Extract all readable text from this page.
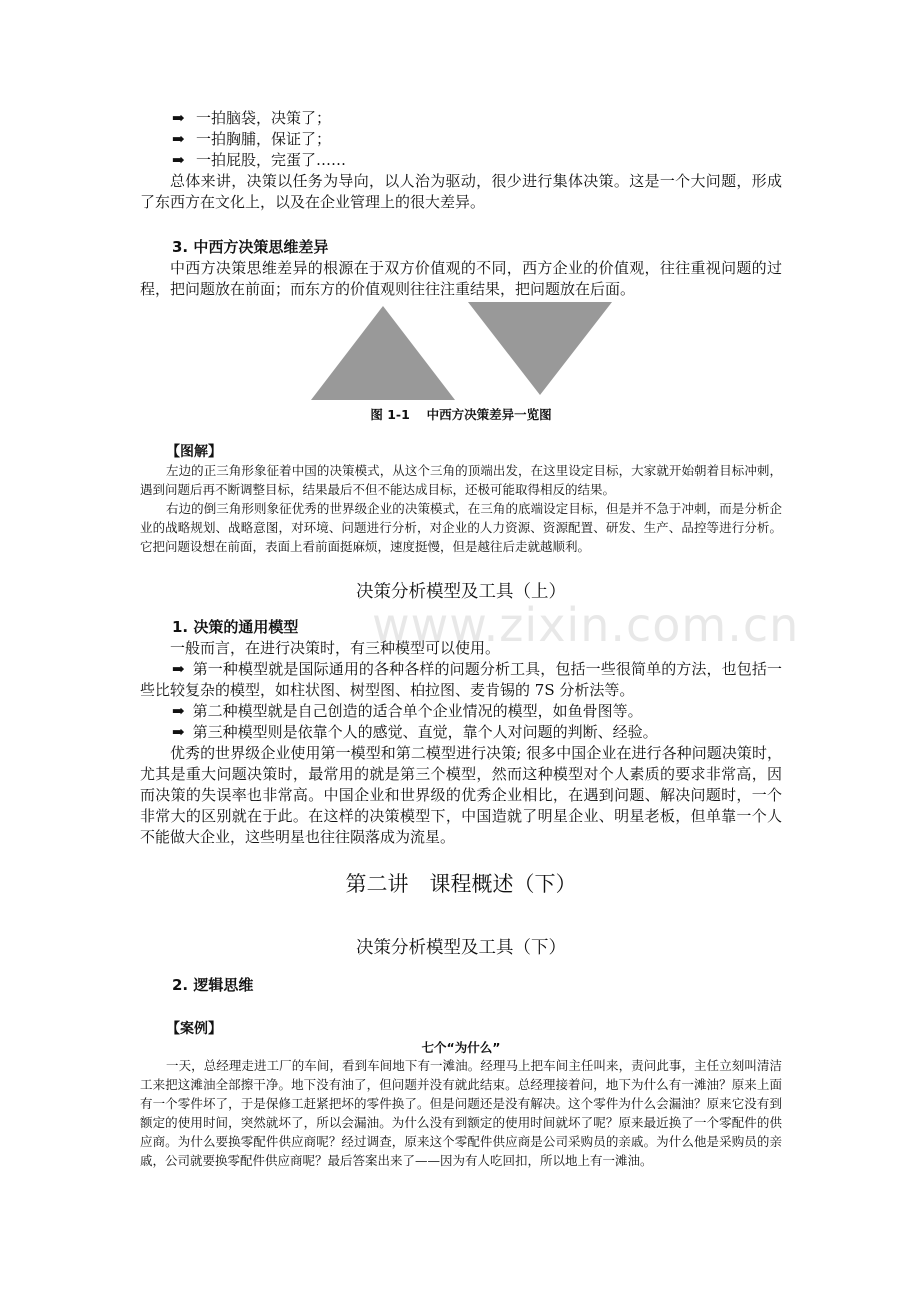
www.zixin.com.cn
➡ 一拍脑袋，决策了；
➡ 一拍胸脯，保证了；
➡ 一拍屁股，完蛋了……

总体来讲，决策以任务为导向，以人治为驱动，很少进行集体决策。这是一个大问题，形成了东西方在文化上，以及在企业管理上的很大差异。

3. 中西方决策思维差异

中西方决策思维差异的根源在于双方价值观的不同，西方企业的价值观，往往重视问题的过程，把问题放在前面；而东方的价值观则往往注重结果，把问题放在后面。

图 1-1　 中西方决策差异一览图

【图解】

左边的正三角形象征着中国的决策模式，从这个三角的顶端出发，在这里设定目标，大家就开始朝着目标冲刺，遇到问题后再不断调整目标，结果最后不但不能达成目标，还极可能取得相反的结果。

右边的倒三角形则象征优秀的世界级企业的决策模式，在三角的底端设定目标，但是并不急于冲刺，而是分析企业的战略规划、战略意图，对环境、问题进行分析，对企业的人力资源、资源配置、研发、生产、品控等进行分析。它把问题设想在前面，表面上看前面挺麻烦，速度挺慢，但是越往后走就越顺利。

决策分析模型及工具（上）

1. 决策的通用模型

一般而言，在进行决策时，有三种模型可以使用。

➡ 第一种模型就是国际通用的各种各样的问题分析工具，包括一些很简单的方法，也包括一些比较复杂的模型，如柱状图、树型图、柏拉图、麦肯锡的 7S 分析法等。

➡ 第二种模型就是自己创造的适合单个企业情况的模型，如鱼骨图等。

➡ 第三种模型则是依靠个人的感觉、直觉，靠个人对问题的判断、经验。

优秀的世界级企业使用第一模型和第二模型进行决策; 很多中国企业在进行各种问题决策时，尤其是重大问题决策时，最常用的就是第三个模型，然而这种模型对个人素质的要求非常高，因而决策的失误率也非常高。中国企业和世界级的优秀企业相比，在遇到问题、解决问题时，一个非常大的区别就在于此。在这样的决策模型下，中国造就了明星企业、明星老板，但单靠一个人不能做大企业，这些明星也往往陨落成为流星。

第二讲　课程概述（下）

决策分析模型及工具（下）

2. 逻辑思维

【案例】

七个“为什么”

一天，总经理走进工厂的车间，看到车间地下有一滩油。经理马上把车间主任叫来，责问此事，主任立刻叫清洁工来把这滩油全部擦干净。地下没有油了，但问题并没有就此结束。总经理接着问，地下为什么有一滩油？原来上面有一个零件坏了，于是保修工赶紧把坏的零件换了。但是问题还是没有解决。这个零件为什么会漏油？原来它没有到额定的使用时间，突然就坏了，所以会漏油。为什么没有到额定的使用时间就坏了呢？原来最近换了一个零配件的供应商。为什么要换零配件供应商呢？经过调查，原来这个零配件供应商是公司采购员的亲戚。为什么他是采购员的亲戚，公司就要换零配件供应商呢？最后答案出来了——因为有人吃回扣，所以地上有一滩油。
